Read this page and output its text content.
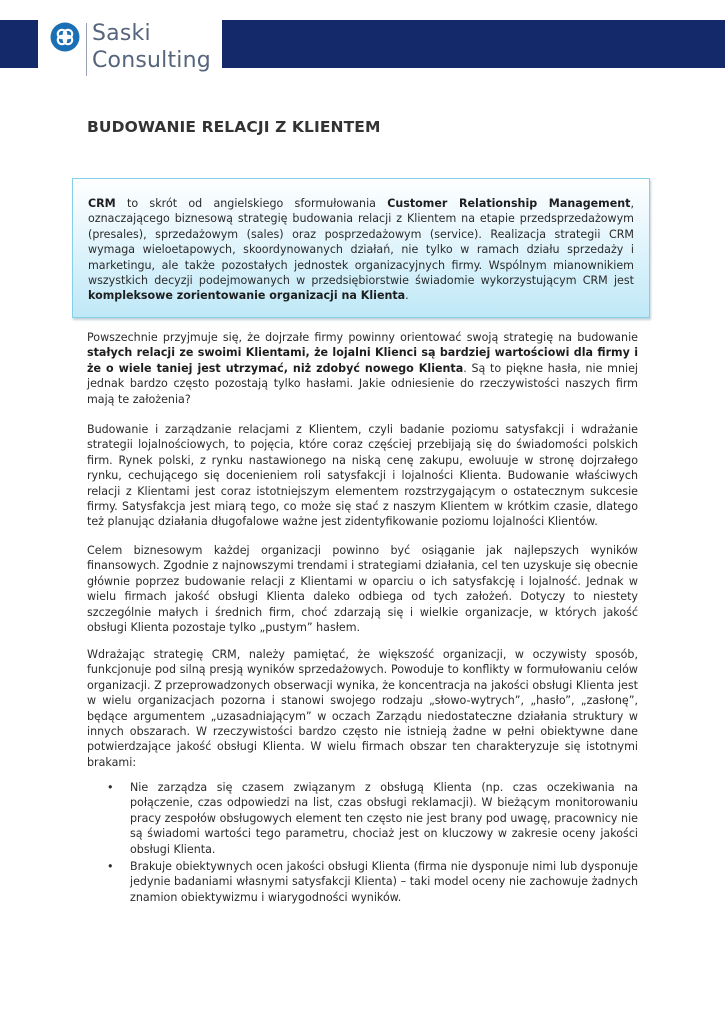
Saski
Consulting
BUDOWANIE RELACJI Z KLIENTEM
CRM to skrót od angielskiego sformułowania Customer Relationship Management, oznaczającego biznesową strategię budowania relacji z Klientem na etapie przedsprzedażowym (presales), sprzedażowym (sales) oraz posprzedażowym (service). Realizacja strategii CRM wymaga wieloetapowych, skoordynowanych działań, nie tylko w ramach działu sprzedaży i marketingu, ale także pozostałych jednostek organizacyjnych firmy. Wspólnym mianownikiem wszystkich decyzji podejmowanych w przedsiębiorstwie świadomie wykorzystującym CRM jest kompleksowe zorientowanie organizacji na Klienta.

Powszechnie przyjmuje się, że dojrzałe firmy powinny orientować swoją strategię na budowanie stałych relacji ze swoimi Klientami, że lojalni Klienci są bardziej wartościowi dla firmy i że o wiele taniej jest utrzymać, niż zdobyć nowego Klienta. Są to piękne hasła, nie mniej jednak bardzo często pozostają tylko hasłami. Jakie odniesienie do rzeczywistości naszych firm mają te założenia?

Budowanie i zarządzanie relacjami z Klientem, czyli badanie poziomu satysfakcji i wdrażanie strategii lojalnościowych, to pojęcia, które coraz częściej przebijają się do świadomości polskich firm. Rynek polski, z rynku nastawionego na niską cenę zakupu, ewoluuje w stronę dojrzałego rynku, cechującego się docenieniem roli satysfakcji i lojalności Klienta. Budowanie właściwych relacji z Klientami jest coraz istotniejszym elementem rozstrzygającym o ostatecznym sukcesie firmy. Satysfakcja jest miarą tego, co może się stać z naszym Klientem w krótkim czasie, dlatego też planując działania długofalowe ważne jest zidentyfikowanie poziomu lojalności Klientów.

Celem biznesowym każdej organizacji powinno być osiąganie jak najlepszych wyników finansowych. Zgodnie z najnowszymi trendami i strategiami działania, cel ten uzyskuje się obecnie głównie poprzez budowanie relacji z Klientami w oparciu o ich satysfakcję i lojalność. Jednak w wielu firmach jakość obsługi Klienta daleko odbiega od tych założeń. Dotyczy to niestety szczególnie małych i średnich firm, choć zdarzają się i wielkie organizacje, w których jakość obsługi Klienta pozostaje tylko „pustym” hasłem.

Wdrażając strategię CRM, należy pamiętać, że większość organizacji, w oczywisty sposób, funkcjonuje pod silną presją wyników sprzedażowych. Powoduje to konflikty w formułowaniu celów organizacji. Z przeprowadzonych obserwacji wynika, że koncentracja na jakości obsługi Klienta jest w wielu organizacjach pozorna i stanowi swojego rodzaju „słowo-wytrych”, „hasło”, „zasłonę”, będące argumentem „uzasadniającym” w oczach Zarządu niedostateczne działania struktury w innych obszarach. W rzeczywistości bardzo często nie istnieją żadne w pełni obiektywne dane potwierdzające jakość obsługi Klienta. W wielu firmach obszar ten charakteryzuje się istotnymi brakami:

• Nie zarządza się czasem związanym z obsługą Klienta (np. czas oczekiwania na połączenie, czas odpowiedzi na list, czas obsługi reklamacji). W bieżącym monitorowaniu pracy zespołów obsługowych element ten często nie jest brany pod uwagę, pracownicy nie są świadomi wartości tego parametru, chociaż jest on kluczowy w zakresie oceny jakości obsługi Klienta.
• Brakuje obiektywnych ocen jakości obsługi Klienta (firma nie dysponuje nimi lub dysponuje jedynie badaniami własnymi satysfakcji Klienta) – taki model oceny nie zachowuje żadnych znamion obiektywizmu i wiarygodności wyników.
